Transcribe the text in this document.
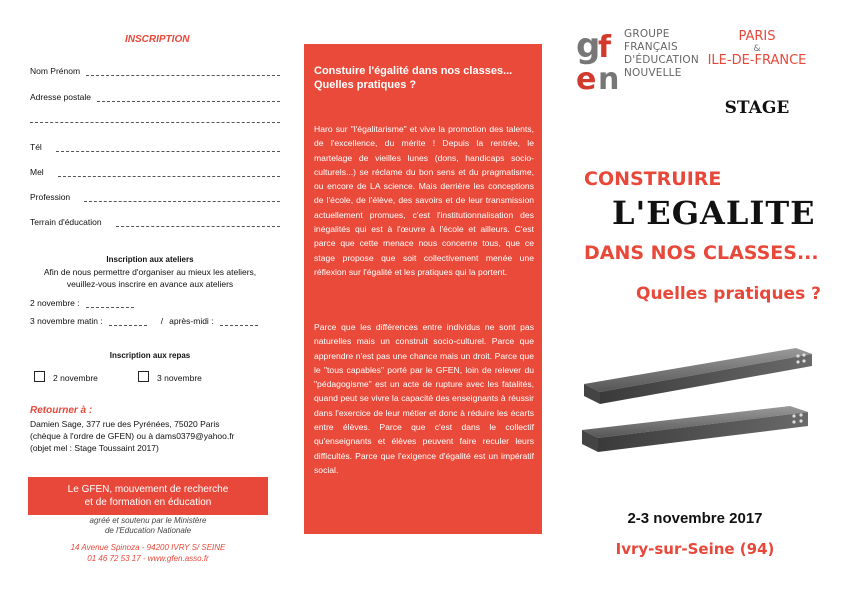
INSCRIPTION
Nom Prénom
Adresse postale
Tél
Mel
Profession
Terrain d'éducation
Inscription aux ateliers
Afin de nous permettre d'organiser au mieux les ateliers,
veuillez-vous inscrire en avance aux ateliers
2 novembre :
3 novembre matin :	/ après-midi :
Inscription aux repas
2 novembre	3 novembre
Retourner à :
Damien Sage, 377 rue des Pyrénées, 75020 Paris
(chèque à l'ordre de GFEN) ou à dams0379@yahoo.fr
(objet mel : Stage Toussaint 2017)
Le GFEN, mouvement de recherche
et de formation en éducation
agréé et soutenu par le Ministère
de l'Education Nationale
14 Avenue Spinoza - 94200 IVRY S/ SEINE
01 46 72 53 17 - www.gfen.asso.fr
Constuire l'égalité dans nos classes...
Quelles pratiques ?
Haro sur "l'égalitarisme" et vive la promotion des talents, de l'excellence, du mérite ! Depuis la rentrée, le martelage de vieilles lunes (dons, handicaps socio-culturels...) se réclame du bon sens et du pragmatisme, ou encore de LA science. Mais derrière les conceptions de l'école, de l'élève, des savoirs et de leur transmission actuellement promues, c'est l'institutionnalisation des inégalités qui est à l'œuvre à l'école et ailleurs. C'est parce que cette menace nous concerne tous, que ce stage propose que soit collectivement menée une réflexion sur l'égalité et les pratiques qui la portent.
Parce que les différences entre individus ne sont pas naturelles mais un construit socio-culturel. Parce que apprendre n'est pas une chance mais un droit. Parce que le "tous capables" porté par le GFEN, loin de relever du "pédagogisme" est un acte de rupture avec les fatalités, quand peut se vivre la capacité des enseignants à réussir dans l'exercice de leur métier et donc à réduire les écarts entre élèves. Parce que c'est dans le collectif qu'enseignants et élèves peuvent faire reculer leurs difficultés. Parce que l'exigence d'égalité est un impératif social.
g
f
e n
GROUPE
FRANÇAIS
D'ÉDUCATION
NOUVELLE
PARIS
&
ILE-DE-FRANCE
STAGE
CONSTRUIRE
L'EGALITE
DANS NOS CLASSES...
Quelles pratiques ?
2-3 novembre 2017
Ivry-sur-Seine (94)
